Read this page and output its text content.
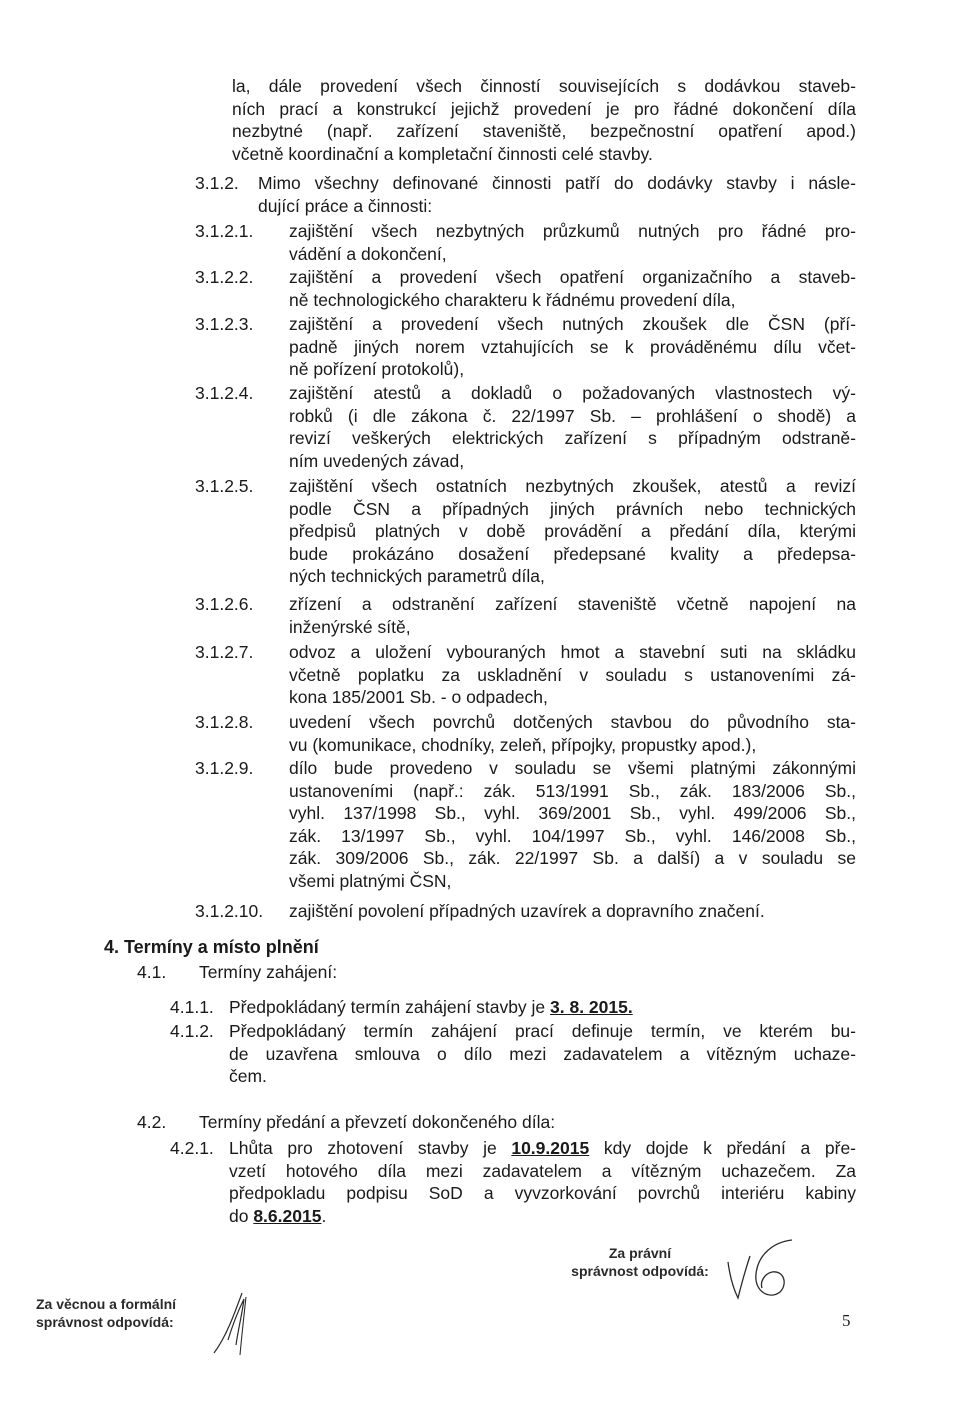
la, dále provedení všech činností souvisejících s dodávkou staveb-
ních prací a konstrukcí jejichž provedení je pro řádné dokončení díla
nezbytné (např. zařízení staveniště, bezpečnostní opatření apod.)
včetně koordinační a kompletační činnosti celé stavby.
3.1.2. Mimo všechny definované činnosti patří do dodávky stavby i násle-
dující práce a činnosti:
3.1.2.1. zajištění všech nezbytných průzkumů nutných pro řádné pro-
vádění a dokončení,
3.1.2.2. zajištění a provedení všech opatření organizačního a staveb-
ně technologického charakteru k řádnému provedení díla,
3.1.2.3. zajištění a provedení všech nutných zkoušek dle ČSN (pří-
padně jiných norem vztahujících se k prováděnému dílu včet-
ně pořízení protokolů),
3.1.2.4. zajištění atestů a dokladů o požadovaných vlastnostech vý-
robků (i dle zákona č. 22/1997 Sb. – prohlášení o shodě) a
revizí veškerých elektrických zařízení s případným odstraně-
ním uvedených závad,
3.1.2.5. zajištění všech ostatních nezbytných zkoušek, atestů a revizí
podle ČSN a případných jiných právních nebo technických
předpisů platných v době provádění a předání díla, kterými
bude prokázáno dosažení předepsané kvality a předepsa-
ných technických parametrů díla,
3.1.2.6. zřízení a odstranění zařízení staveniště včetně napojení na
inženýrské sítě,
3.1.2.7. odvoz a uložení vybouraných hmot a stavební suti na skládku
včetně poplatku za uskladnění v souladu s ustanoveními zá-
kona 185/2001 Sb. - o odpadech,
3.1.2.8. uvedení všech povrchů dotčených stavbou do původního sta-
vu (komunikace, chodníky, zeleň, přípojky, propustky apod.),
3.1.2.9. dílo bude provedeno v souladu se všemi platnými zákonnými
ustanoveními (např.: zák. 513/1991 Sb., zák. 183/2006 Sb.,
vyhl. 137/1998 Sb., vyhl. 369/2001 Sb., vyhl. 499/2006 Sb.,
zák. 13/1997 Sb., vyhl. 104/1997 Sb., vyhl. 146/2008 Sb.,
zák. 309/2006 Sb., zák. 22/1997 Sb. a další) a v souladu se
všemi platnými ČSN,
3.1.2.10. zajištění povolení případných uzavírek a dopravního značení.
4. Termíny a místo plnění
4.1. Termíny zahájení:
4.1.1. Předpokládaný termín zahájení stavby je 3. 8. 2015.
4.1.2. Předpokládaný termín zahájení prací definuje termín, ve kterém bu-
de uzavřena smlouva o dílo mezi zadavatelem a vítězným uchaze-
čem.
4.2. Termíny předání a převzetí dokončeného díla:
4.2.1. Lhůta pro zhotovení stavby je 10.9.2015 kdy dojde k předání a pře-
vzetí hotového díla mezi zadavatelem a vítězným uchazečem. Za
předpokladu podpisu SoD a vyvzorkování povrchů interiéru kabiny
do 8.6.2015.
Za věcnou a formální
správnost odpovídá:
Za právní
správnost odpovídá:
5
